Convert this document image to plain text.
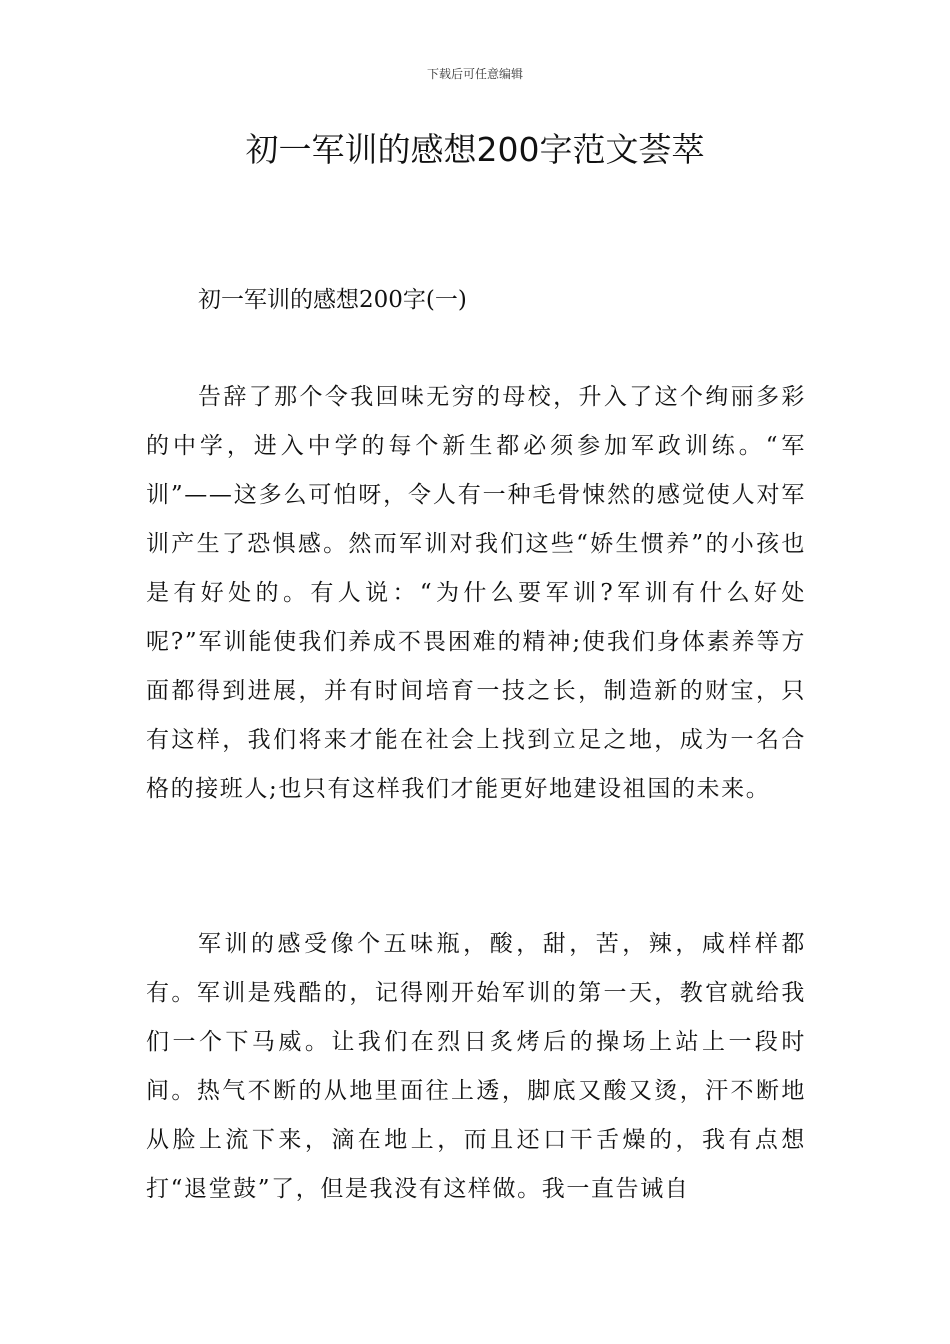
下载后可任意编辑
初一军训的感想200字范文荟萃
初一军训的感想200字(一)

告辞了那个令我回味无穷的母校，升入了这个绚丽多彩的中学，进入中学的每个新生都必须参加军政训练。“军训”——这多么可怕呀，令人有一种毛骨悚然的感觉使人对军训产生了恐惧感。然而军训对我们这些“娇生惯养”的小孩也是有好处的。有人说：“为什么要军训?军训有什么好处呢?”军训能使我们养成不畏困难的精神;使我们身体素养等方面都得到进展，并有时间培育一技之长，制造新的财宝，只有这样，我们将来才能在社会上找到立足之地，成为一名合格的接班人;也只有这样我们才能更好地建设祖国的未来。

军训的感受像个五味瓶，酸，甜，苦，辣，咸样样都有。军训是残酷的，记得刚开始军训的第一天，教官就给我们一个下马威。让我们在烈日炙烤后的操场上站上一段时间。热气不断的从地里面往上透，脚底又酸又烫，汗不断地从脸上流下来，滴在地上，而且还口干舌燥的，我有点想打“退堂鼓”了，但是我没有这样做。我一直告诫自
